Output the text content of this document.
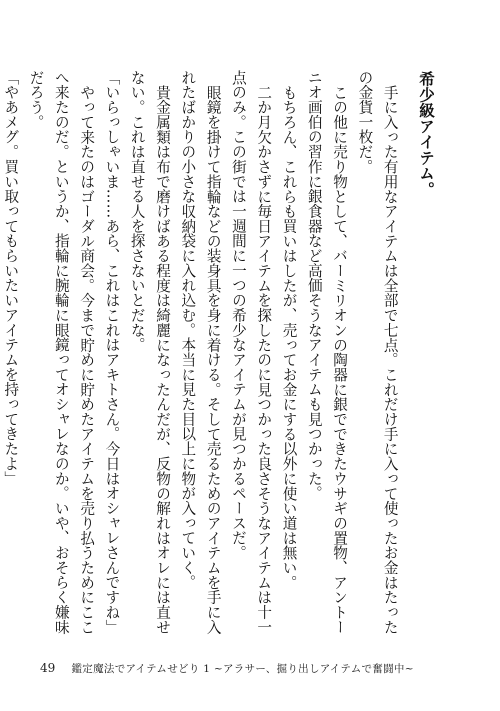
希少級アイテム。

手に入った有用なアイテムは全部で七点。これだけ手に入って使ったお金はたったの金貨一枚だ。

この他に売り物として、バーミリオンの陶器に銀でできたウサギの置物、アントーニオ画伯の習作に銀食器など高価そうなアイテムも見つかった。

もちろん、これらも買いはしたが、売ってお金にする以外に使い道は無い。

二か月欠かさずに毎日アイテムを探したのに見つかった良さそうなアイテムは十一点のみ。この街では一週間に一つの希少なアイテムが見つかるペースだ。

眼鏡を掛けて指輪などの装身具を身に着ける。そして売るためのアイテムを手に入れたばかりの小さな収納袋に入れ込む。本当に見た目以上に物が入っていく。

貴金属類は布で磨けばある程度は綺麗になったんだが、反物の解れはオレには直せない。これは直せる人を探さないとだな。

「いらっしゃいま……あら、これはこれはアキトさん。今日はオシャレさんですね」

やって来たのはゴーダル商会。今まで貯めに貯めたアイテムを売り払うためにここへ来たのだ。というか、指輪に腕輪に眼鏡ってオシャレなのか。いや、おそらく嫌味だろう。

「やあメグ。買い取ってもらいたいアイテムを持ってきたよ」

49 鑑定魔法でアイテムせどり 1 ~アラサー、掘り出しアイテムで奮闘中~
